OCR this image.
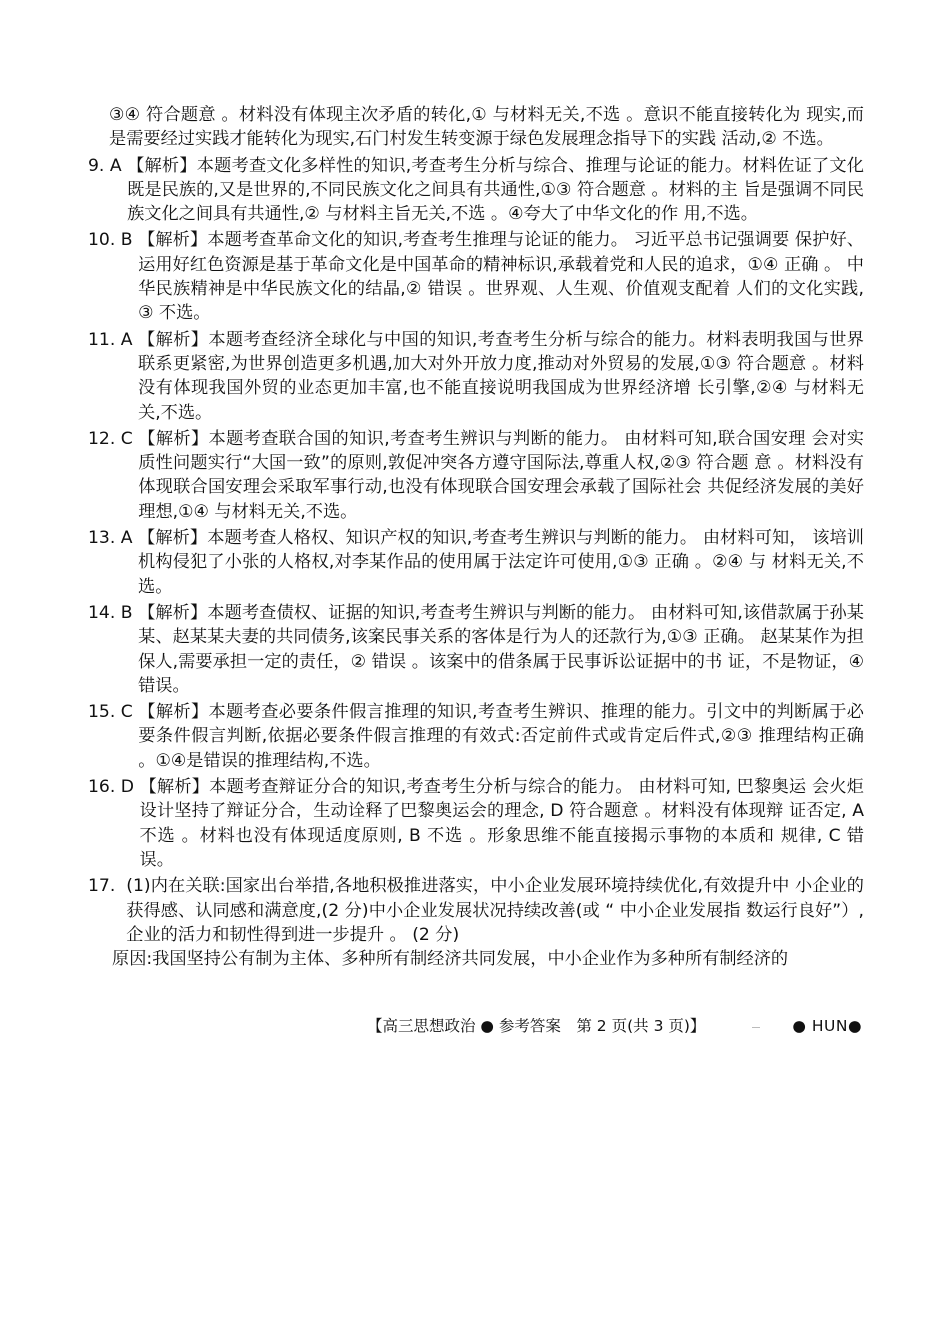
③④ 符合题意 。材料没有体现主次矛盾的转化,① 与材料无关,不选 。意识不能直接转化为 现实,而是需要经过实践才能转化为现实,石门村发生转变源于绿色发展理念指导下的实践 活动,② 不选。

9. A 【解析】本题考查文化多样性的知识,考查考生分析与综合、推理与论证的能力。材料佐证了文化既是民族的,又是世界的,不同民族文化之间具有共通性,①③ 符合题意 。材料的主 旨是强调不同民族文化之间具有共通性,② 与材料主旨无关,不选 。④夸大了中华文化的作 用,不选。
10. B 【解析】本题考查革命文化的知识,考查考生推理与论证的能力。 习近平总书记强调要 保护好、运用好红色资源是基于革命文化是中国革命的精神标识,承载着党和人民的追求，①④ 正确 。 中华民族精神是中华民族文化的结晶,② 错误 。世界观、人生观、价值观支配着 人们的文化实践,③ 不选。
11. A 【解析】本题考查经济全球化与中国的知识,考查考生分析与综合的能力。材料表明我国与世界联系更紧密,为世界创造更多机遇,加大对外开放力度,推动对外贸易的发展,①③ 符合题意 。材料没有体现我国外贸的业态更加丰富,也不能直接说明我国成为世界经济增 长引擎,②④ 与材料无关,不选。
12. C 【解析】本题考查联合国的知识,考查考生辨识与判断的能力。 由材料可知,联合国安理 会对实质性问题实行“大国一致”的原则,敦促冲突各方遵守国际法,尊重人权,②③ 符合题 意 。材料没有体现联合国安理会采取军事行动,也没有体现联合国安理会承载了国际社会 共促经济发展的美好理想,①④ 与材料无关,不选。
13. A 【解析】本题考查人格权、知识产权的知识,考查考生辨识与判断的能力。 由材料可知， 该培训机构侵犯了小张的人格权,对李某作品的使用属于法定许可使用,①③ 正确 。②④ 与 材料无关,不选。
14. B 【解析】本题考查债权、证据的知识,考查考生辨识与判断的能力。 由材料可知,该借款属于孙某某、赵某某夫妻的共同债务,该案民事关系的客体是行为人的还款行为,①③ 正确。 赵某某作为担保人,需要承担一定的责任，② 错误 。该案中的借条属于民事诉讼证据中的书 证，不是物证，④ 错误。
15. C 【解析】本题考查必要条件假言推理的知识,考查考生辨识、推理的能力。引文中的判断属于必要条件假言判断,依据必要条件假言推理的有效式:否定前件式或肯定后件式,②③ 推理结构正确 。①④是错误的推理结构,不选。
16. D 【解析】本题考查辩证分合的知识,考查考生分析与综合的能力。 由材料可知, 巴黎奥运 会火炬设计坚持了辩证分合，生动诠释了巴黎奥运会的理念, D 符合题意 。材料没有体现辩 证否定, A 不选 。材料也没有体现适度原则, B 不选 。形象思维不能直接揭示事物的本质和 规律, C 错误。
17. (1)内在关联:国家出台举措,各地积极推进落实，中小企业发展环境持续优化,有效提升中 小企业的获得感、认同感和满意度,(2 分)中小企业发展状况持续改善(或 “ 中小企业发展指 数运行良好”）,企业的活力和韧性得到进一步提升 。 (2 分)

原因:我国坚持公有制为主体、多种所有制经济共同发展，中小企业作为多种所有制经济的

【高三思想政治 ● 参考答案　第 2 页(共 3 页)】	● HUN●
